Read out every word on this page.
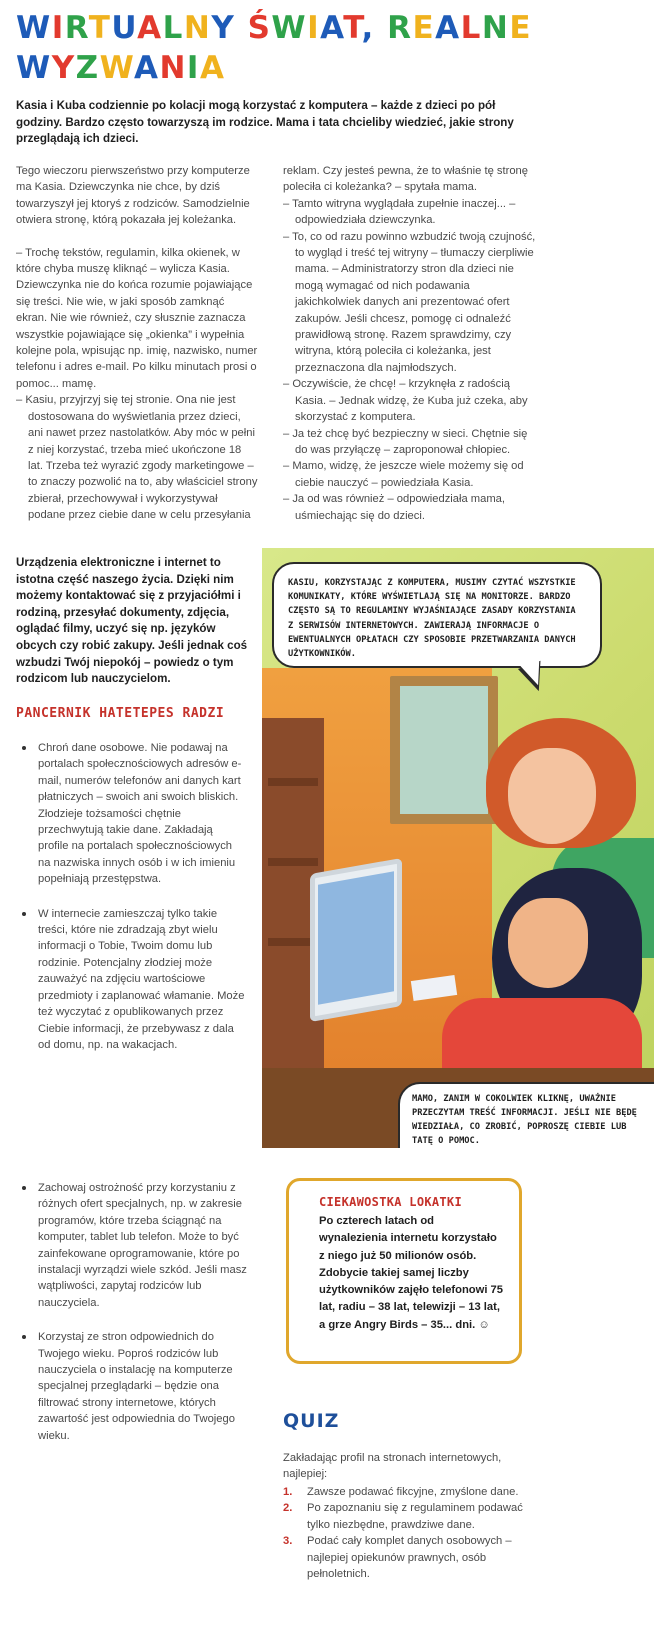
WIRTUALNY ŚWIAT, REALNE
WYZWANIA

Kasia i Kuba codziennie po kolacji mogą korzystać z komputera – każde z dzieci po pół godziny. Bardzo często towarzyszą im rodzice. Mama i tata chcieliby wiedzieć, jakie strony przeglądają ich dzieci.

Tego wieczoru pierwszeństwo przy komputerze ma Kasia. Dziewczynka nie chce, by dziś towarzyszył jej ktoryś z rodziców. Samodzielnie otwiera stronę, którą pokazała jej koleżanka.

– Trochę tekstów, regulamin, kilka okienek, w które chyba muszę kliknąć – wylicza Kasia. Dziewczynka nie do końca rozumie pojawiające się treści. Nie wie, w jaki sposób zamknąć ekran. Nie wie również, czy słusznie zaznacza wszystkie pojawiające się „okienka” i wypełnia kolejne pola, wpisując np. imię, nazwisko, numer telefonu i adres e-mail. Po kilku minutach prosi o pomoc... mamę.

– Kasiu, przyjrzyj się tej stronie. Ona nie jest dostosowana do wyświetlania przez dzieci, ani nawet przez nastolatków. Aby móc w pełni z niej korzystać, trzeba mieć ukończone 18 lat. Trzeba też wyrazić zgody marketingowe – to znaczy pozwolić na to, aby właściciel strony zbierał, przechowywał i wykorzystywał podane przez ciebie dane w celu przesyłania

reklam. Czy jesteś pewna, że to właśnie tę stronę poleciła ci koleżanka? – spytała mama.

– Tamto witryna wyglądała zupełnie inaczej... – odpowiedziała dziewczynka.

– To, co od razu powinno wzbudzić twoją czujność, to wygląd i treść tej witryny – tłumaczy cierpliwie mama. – Administratorzy stron dla dzieci nie mogą wymagać od nich podawania jakichkolwiek danych ani prezentować ofert zakupów. Jeśli chcesz, pomogę ci odnaleźć prawidłową stronę. Razem sprawdzimy, czy witryna, którą poleciła ci koleżanka, jest przeznaczona dla najmłodszych.

– Oczywiście, że chcę! – krzyknęła z radością Kasia. – Jednak widzę, że Kuba już czeka, aby skorzystać z komputera.

– Ja też chcę być bezpieczny w sieci. Chętnie się do was przyłączę – zaproponował chłopiec.

– Mamo, widzę, że jeszcze wiele możemy się od ciebie nauczyć – powiedziała Kasia.

– Ja od was również – odpowiedziała mama, uśmiechając się do dzieci.

Urządzenia elektroniczne i internet to istotna część naszego życia. Dzięki nim możemy kontaktować się z przyjaciółmi i rodziną, przesyłać dokumenty, zdjęcia, oglądać filmy, uczyć się np. języków obcych czy robić zakupy. Jeśli jednak coś wzbudzi Twój niepokój – powiedz o tym rodzicom lub nauczycielom.

PANCERNIK HATETEPES RADZI
Chroń dane osobowe. Nie podawaj na portalach społecznościowych adresów e-mail, numerów telefonów ani danych kart płatniczych – swoich ani swoich bliskich. Złodzieje tożsamości chętnie przechwytują takie dane. Zakładają profile na portalach społecznościowych na nazwiska innych osób i w ich imieniu popełniają przestępstwa.
W internecie zamieszczaj tylko takie treści, które nie zdradzają zbyt wielu informacji o Tobie, Twoim domu lub rodzinie. Potencjalny złodziej może zauważyć na zdjęciu wartościowe przedmioty i zaplanować włamanie. Może też wyczytać z opublikowanych przez Ciebie informacji, że przebywasz z dala od domu, np. na wakacjach.
KASIU, KORZYSTAJĄC Z KOMPUTERA, MUSIMY CZYTAĆ WSZYSTKIE KOMUNIKATY, KTÓRE WYŚWIETLAJĄ SIĘ NA MONITORZE. BARDZO CZĘSTO SĄ TO REGULAMINY WYJAŚNIAJĄCE ZASADY KORZYSTANIA Z SERWISÓW INTERNETOWYCH. ZAWIERAJĄ INFORMACJE O EWENTUALNYCH OPŁATACH CZY SPOSOBIE PRZETWARZANIA DANYCH UŻYTKOWNIKÓW.
MAMO, ZANIM W COKOLWIEK KLIKNĘ, UWAŻNIE PRZECZYTAM TREŚĆ INFORMACJI. JEŚLI NIE BĘDĘ WIEDZIAŁA, CO ZROBIĆ, POPROSZĘ CIEBIE LUB TATĘ O POMOC.
Zachowaj ostrożność przy korzystaniu z różnych ofert specjalnych, np. w zakresie programów, które trzeba ściągnąć na komputer, tablet lub telefon. Może to być zainfekowane oprogramowanie, które po instalacji wyrządzi wiele szkód. Jeśli masz wątpliwości, zapytaj rodziców lub nauczyciela.
Korzystaj ze stron odpowiednich do Twojego wieku. Poproś rodziców lub nauczyciela o instalację na komputerze specjalnej przeglądarki – będzie ona filtrować strony internetowe, których zawartość jest odpowiednia do Twojego wieku.
CIEKAWOSTKA LOKATKI
Po czterech latach od wynalezienia internetu korzystało z niego już 50 milionów osób. Zdobycie takiej samej liczby użytkowników zajęło telefonowi 75 lat, radiu – 38 lat, telewizji – 13 lat, a grze Angry Birds – 35... dni. ☺
QUIZ

Zakładając profil na stronach internetowych, najlepiej:

1. Zawsze podawać fikcyjne, zmyślone dane.
2. Po zapoznaniu się z regulaminem podawać tylko niezbędne, prawdziwe dane.
3. Podać cały komplet danych osobowych – najlepiej opiekunów prawnych, osób pełnoletnich.
